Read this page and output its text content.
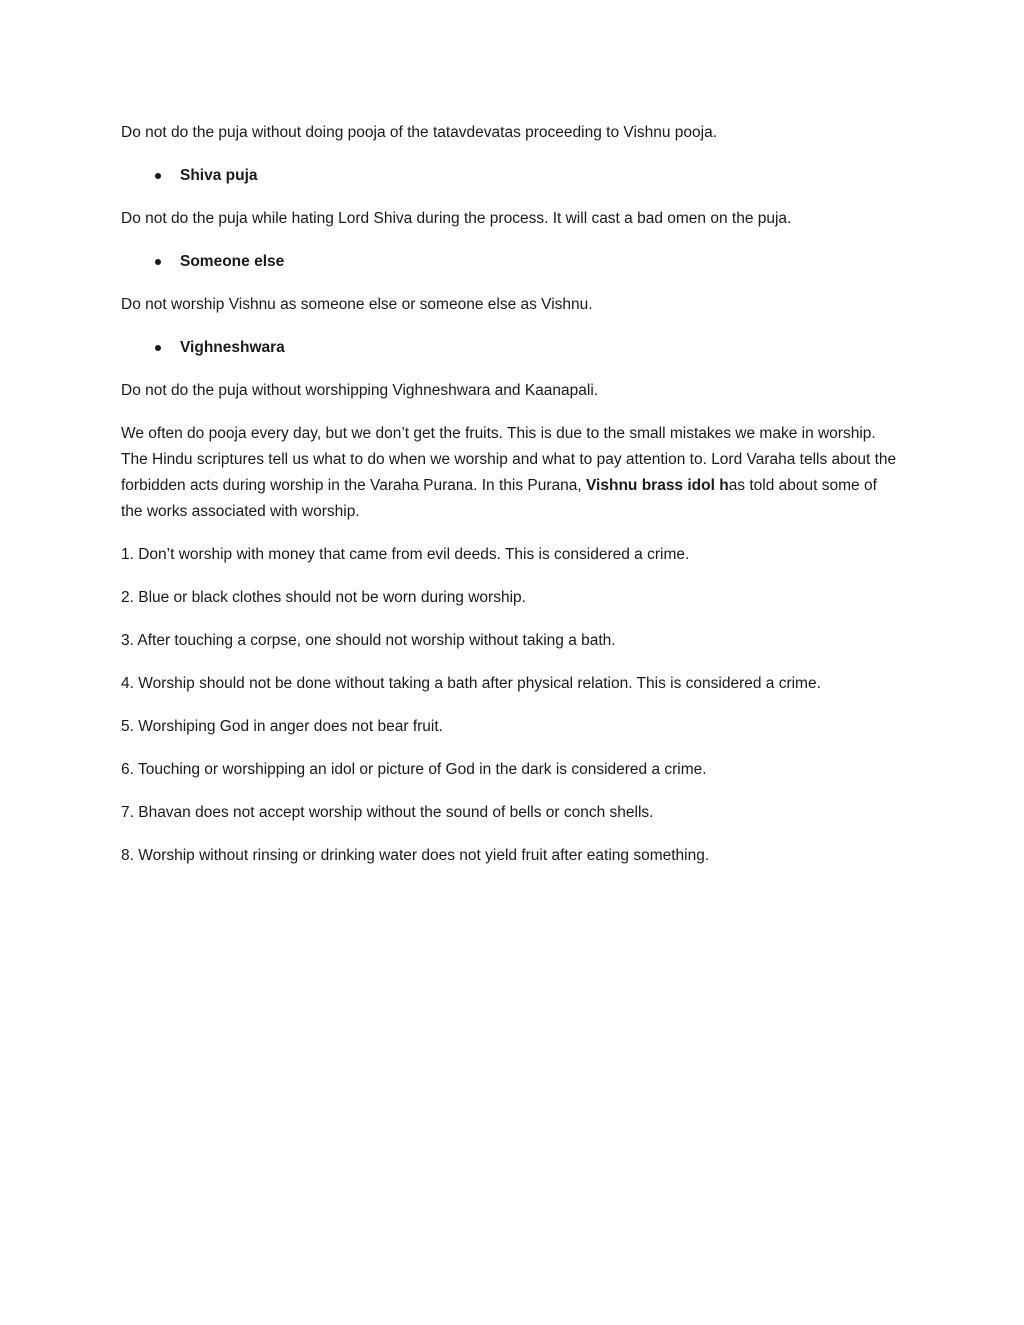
Do not do the puja without doing pooja of the tatavdevatas proceeding to Vishnu pooja.

Shiva puja

Do not do the puja while hating Lord Shiva during the process. It will cast a bad omen on the puja.

Someone else

Do not worship Vishnu as someone else or someone else as Vishnu.

Vighneshwara

Do not do the puja without worshipping Vighneshwara and Kaanapali.

We often do pooja every day, but we don’t get the fruits. This is due to the small mistakes we make in worship. The Hindu scriptures tell us what to do when we worship and what to pay attention to. Lord Varaha tells about the forbidden acts during worship in the Varaha Purana. In this Purana, Vishnu brass idol has told about some of the works associated with worship.

1. Don’t worship with money that came from evil deeds. This is considered a crime.

2. Blue or black clothes should not be worn during worship.

3. After touching a corpse, one should not worship without taking a bath.

4. Worship should not be done without taking a bath after physical relation. This is considered a crime.

5. Worshiping God in anger does not bear fruit.

6. Touching or worshipping an idol or picture of God in the dark is considered a crime.

7. Bhavan does not accept worship without the sound of bells or conch shells.

8. Worship without rinsing or drinking water does not yield fruit after eating something.
